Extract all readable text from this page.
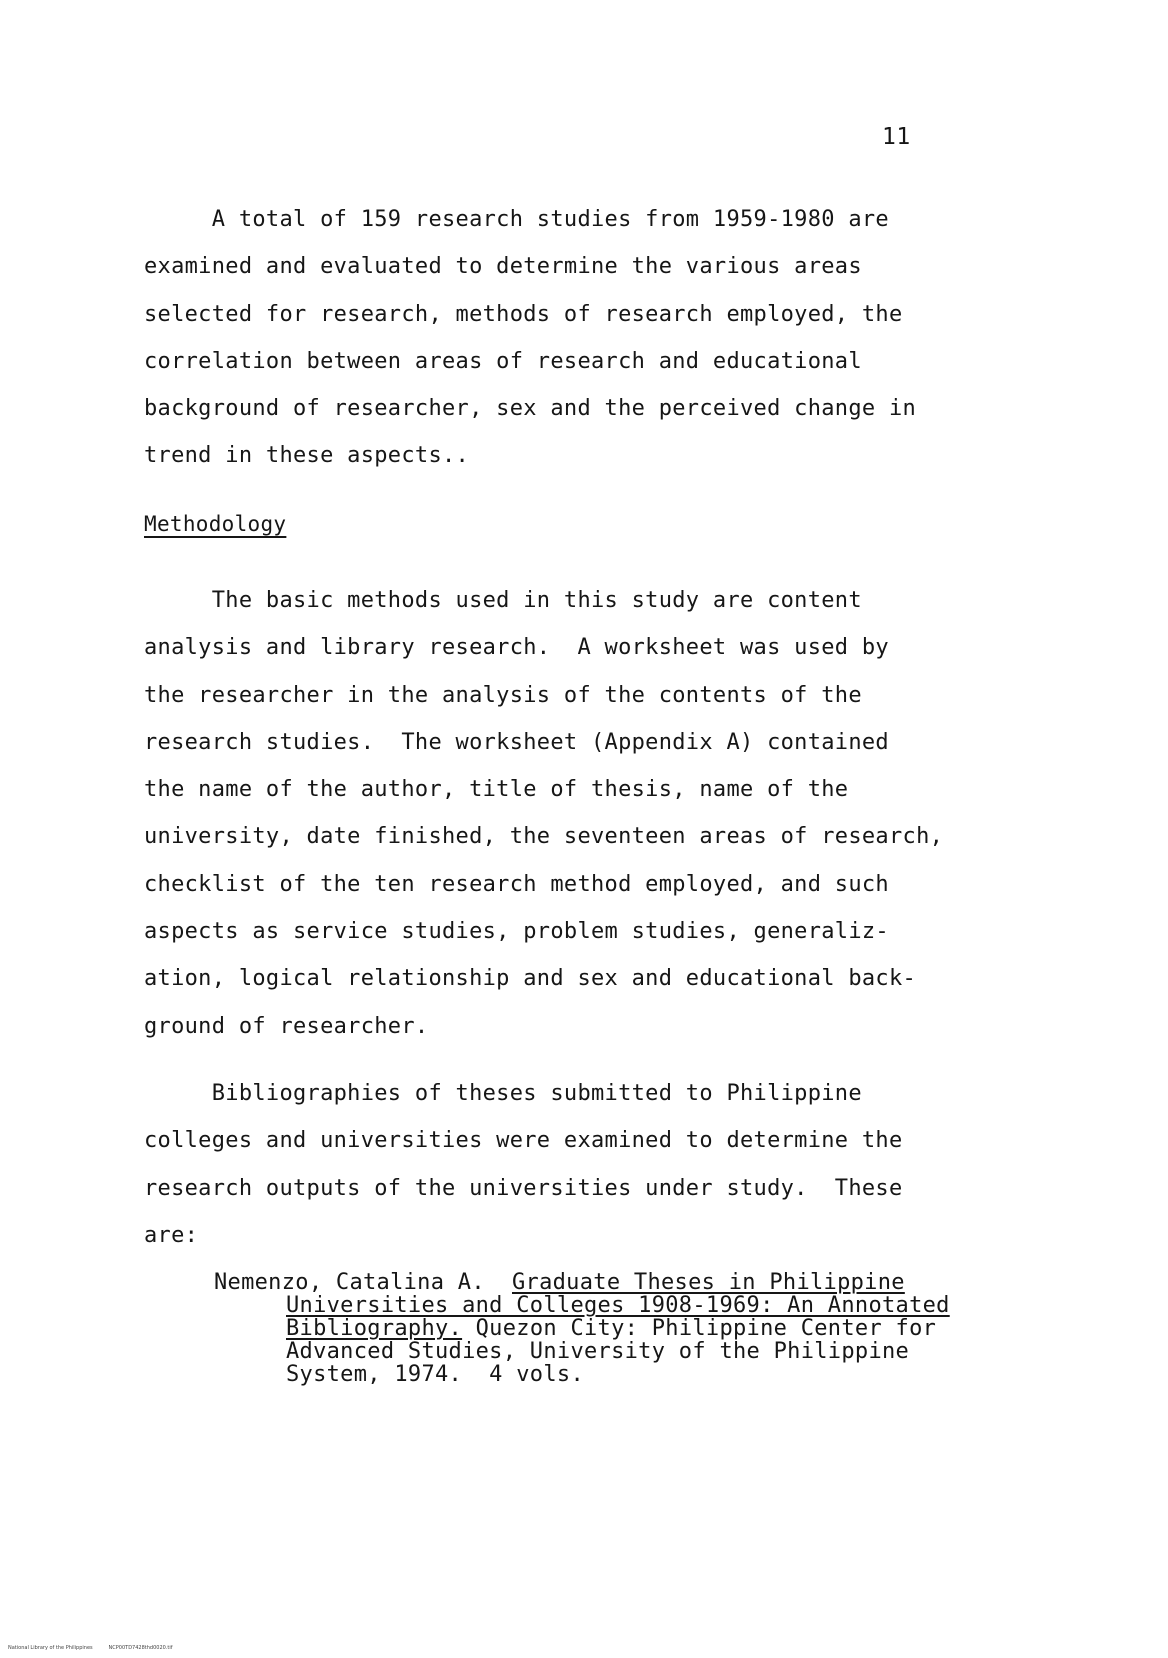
11
A total of 159 research studies from 1959-1980 are
examined and evaluated to determine the various areas
selected for research, methods of research employed, the
correlation between areas of research and educational
background of researcher, sex and the perceived change in
trend in these aspects..
Methodology
The basic methods used in this study are content
analysis and library research.  A worksheet was used by
the researcher in the analysis of the contents of the
research studies.  The worksheet (Appendix A) contained
the name of the author, title of thesis, name of the
university, date finished, the seventeen areas of research,
checklist of the ten research method employed, and such
aspects as service studies, problem studies, generaliz-
ation, logical relationship and sex and educational back-
ground of researcher.
Bibliographies of theses submitted to Philippine
colleges and universities were examined to determine the
research outputs of the universities under study.  These
are:
Nemenzo, Catalina A.  Graduate Theses in Philippine
Universities and Colleges 1908-1969: An Annotated
Bibliography. Quezon City: Philippine Center for
Advanced Studies, University of the Philippine
System, 1974.  4 vols.
National Library of the Philippines	NCP00TD7428thd0020.tif
